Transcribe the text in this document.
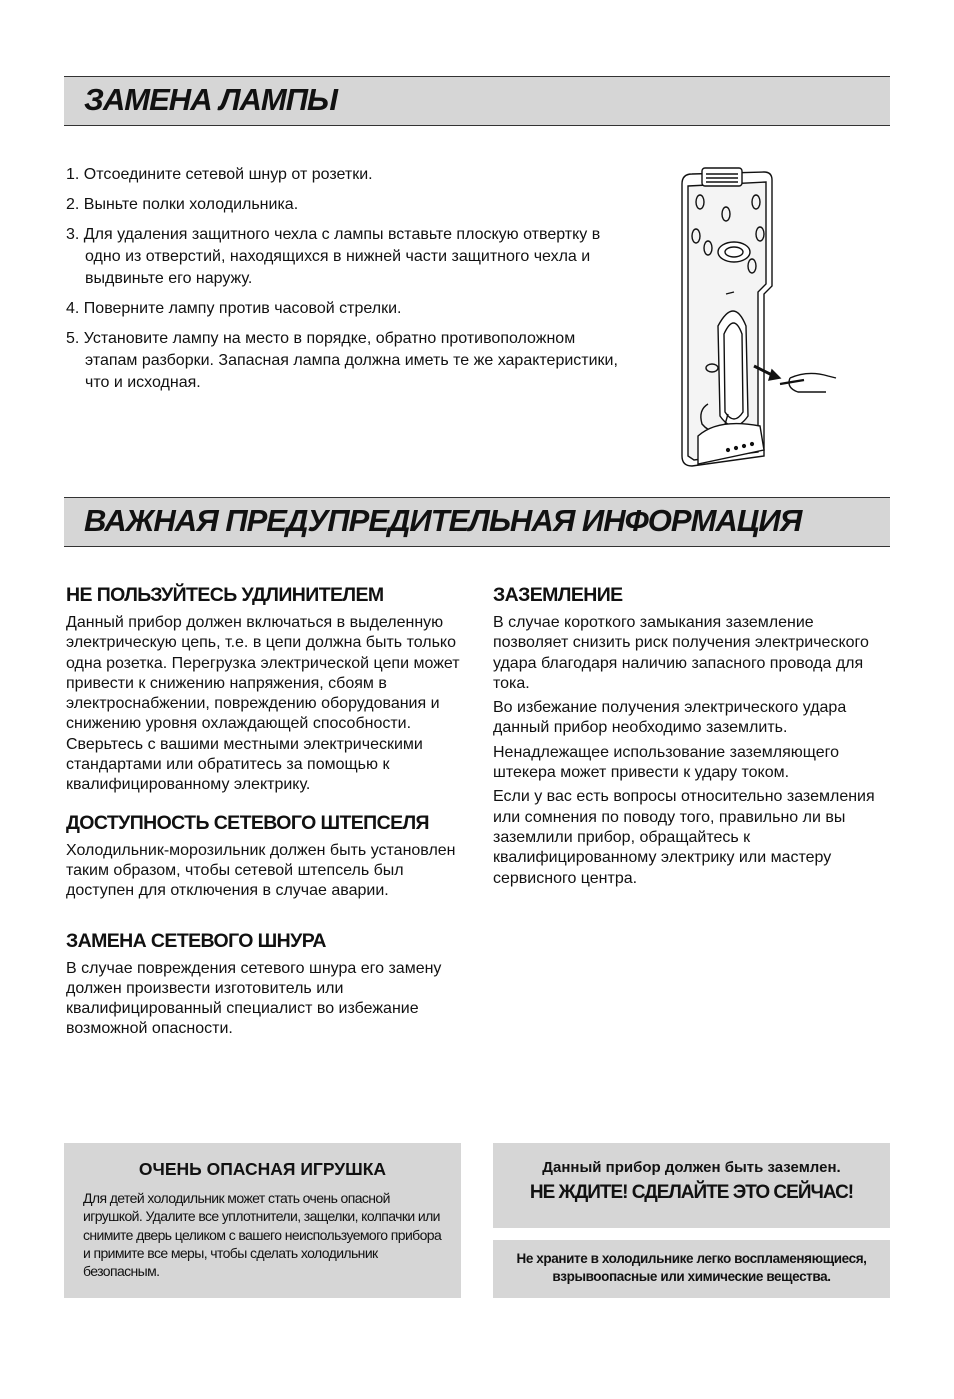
ЗАМЕНА ЛАМПЫ
1. Отсоедините сетевой шнур от розетки.
2. Выньте полки холодильника.
3. Для удаления защитного чехла с лампы вставьте плоскую отвертку в одно из отверстий, находящихся в нижней части защитного чехла и выдвиньте его наружу.
4. Поверните лампу против часовой стрелки.
5. Установите лампу на место в порядке, обратно противоположном этапам разборки. Запасная лампа должна иметь те же характеристики, что и исходная.
ВАЖНАЯ ПРЕДУПРЕДИТЕЛЬНАЯ ИНФОРМАЦИЯ
НЕ ПОЛЬЗУЙТЕСЬ УДЛИНИТЕЛЕМ

Данный прибор должен включаться в выделенную электрическую цепь, т.е. в цепи должна быть только одна розетка. Перегрузка электрической цепи может привести к снижению напряжения, сбоям в электроснабжении, повреждению оборудования и снижению уровня охлаждающей способности.

Сверьтесь с вашими местными электрическими стандартами или обратитесь за помощью к квалифицированному электрику.

ДОСТУПНОСТЬ СЕТЕВОГО ШТЕПСЕЛЯ

Холодильник-морозильник должен быть установлен таким образом, чтобы сетевой штепсель был доступен для отключения в случае аварии.

ЗАМЕНА СЕТЕВОГО ШНУРА

В случае повреждения сетевого шнура его замену должен произвести изготовитель или квалифицированный специалист во избежание возможной опасности.

ЗАЗЕМЛЕНИЕ

В случае короткого замыкания заземление позволяет снизить риск получения электрического удара благодаря наличию запасного провода для тока.

Во избежание получения электрического удара данный прибор необходимо заземлить.

Ненадлежащее использование заземляющего штекера может привести к удару током.

Если у вас есть вопросы относительно заземления или сомнения по поводу того, правильно ли вы заземлили прибор, обращайтесь к квалифицированному электрику или мастеру сервисного центра.

ОЧЕНЬ ОПАСНАЯ ИГРУШКА
Для детей холодильник может стать очень опасной игрушкой. Удалите все уплотнители, защелки, колпачки или снимите дверь целиком с вашего неиспользуемого прибора и примите все меры, чтобы сделать холодильник безопасным.
Данный прибор должен быть заземлен.
НЕ ЖДИТЕ! СДЕЛАЙТЕ ЭТО СЕЙЧАС!
Не храните в холодильнике легко воспламеняющиеся,
взрывоопасные или химические вещества.
